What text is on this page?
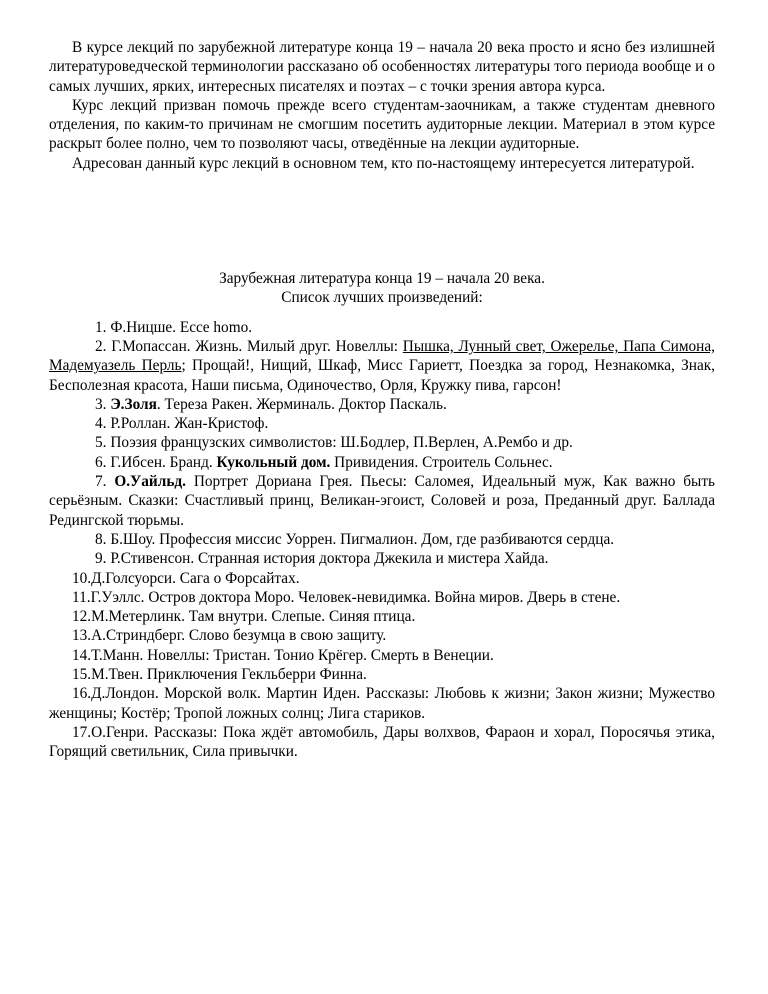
В курсе лекций по зарубежной литературе конца 19 – начала 20 века просто и ясно без излишней литературоведческой терминологии рассказано об особенностях литературы того периода вообще и о самых лучших, ярких, интересных писателях и поэтах – с точки зрения автора курса.

Курс лекций призван помочь прежде всего студентам-заочникам, а также студентам дневного отделения, по каким-то причинам не смогшим посетить аудиторные лекции. Материал в этом курсе раскрыт более полно, чем то позволяют часы, отведённые на лекции аудиторные.

Адресован данный курс лекций в основном тем, кто по-настоящему интересуется литературой.

Зарубежная литература конца 19 – начала 20 века.
Список лучших произведений:

1. Ф.Ницше. Ecce homo.

2. Г.Мопассан. Жизнь. Милый друг. Новеллы: Пышка, Лунный свет, Ожерелье, Папа Симона, Мадемуазель Перль; Прощай!, Нищий, Шкаф, Мисс Гариетт, Поездка за город, Незнакомка, Знак, Бесполезная красота, Наши письма, Одиночество, Орля, Кружку пива, гарсон!

3. Э.Золя. Тереза Ракен. Жерминаль. Доктор Паскаль.

4. Р.Роллан. Жан-Кристоф.

5. Поэзия французских символистов: Ш.Бодлер, П.Верлен, А.Рембо и др.

6. Г.Ибсен. Бранд. Кукольный дом. Привидения. Строитель Сольнес.

7. О.Уайльд. Портрет Дориана Грея. Пьесы: Саломея, Идеальный муж, Как важно быть серьёзным. Сказки: Счастливый принц, Великан-эгоист, Соловей и роза, Преданный друг. Баллада Редингской тюрьмы.

8. Б.Шоу. Профессия миссис Уоррен. Пигмалион. Дом, где разбиваются сердца.

9. Р.Стивенсон. Странная история доктора Джекила и мистера Хайда.

10.Д.Голсуорси. Сага о Форсайтах.

11.Г.Уэллс. Остров доктора Моро. Человек-невидимка. Война миров. Дверь в стене.

12.М.Метерлинк. Там внутри. Слепые. Синяя птица.

13.А.Стриндберг. Слово безумца в свою защиту.

14.Т.Манн. Новеллы: Тристан. Тонио Крёгер. Смерть в Венеции.

15.М.Твен. Приключения Гекльберри Финна.

16.Д.Лондон. Морской волк. Мартин Иден. Рассказы: Любовь к жизни; Закон жизни; Мужество женщины; Костёр; Тропой ложных солнц; Лига стариков.

17.О.Генри. Рассказы: Пока ждёт автомобиль, Дары волхвов, Фараон и хорал, Поросячья этика, Горящий светильник, Сила привычки.
